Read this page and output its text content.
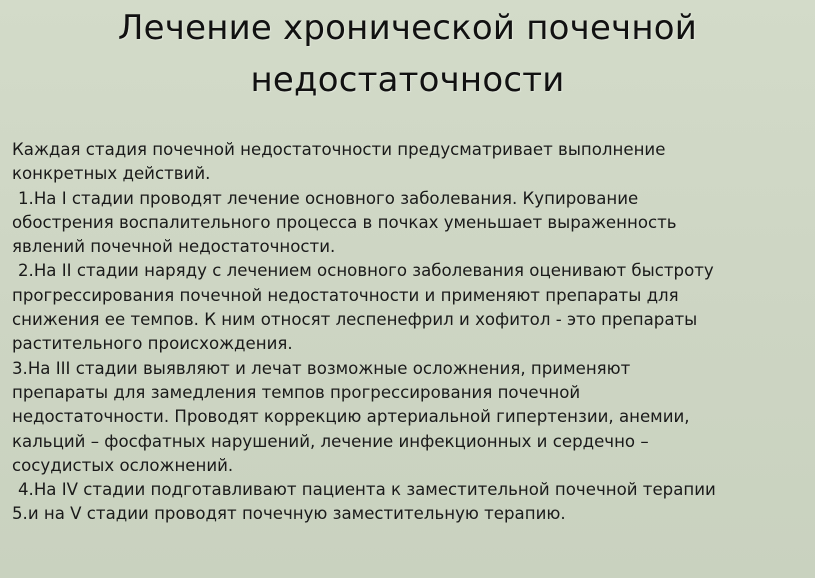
Лечение хронической почечной
недостаточности

Каждая стадия почечной недостаточности предусматривает выполнение

конкретных действий.

1.На I стадии проводят лечение основного заболевания. Купирование

обострения воспалительного процесса в почках уменьшает выраженность

явлений почечной недостаточности.

2.На II стадии наряду с лечением основного заболевания оценивают быстроту

прогрессирования почечной недостаточности и применяют препараты для

снижения ее темпов. К ним относят леспенефрил и хофитол - это препараты

растительного происхождения.

3.На III стадии выявляют и лечат возможные осложнения, применяют

препараты для замедления темпов прогрессирования почечной

недостаточности. Проводят коррекцию артериальной гипертензии, анемии,

кальций – фосфатных нарушений, лечение инфекционных и сердечно –

сосудистых осложнений.

4.На IV стадии подготавливают пациента к заместительной почечной терапии

5.и на V стадии проводят почечную заместительную терапию.
